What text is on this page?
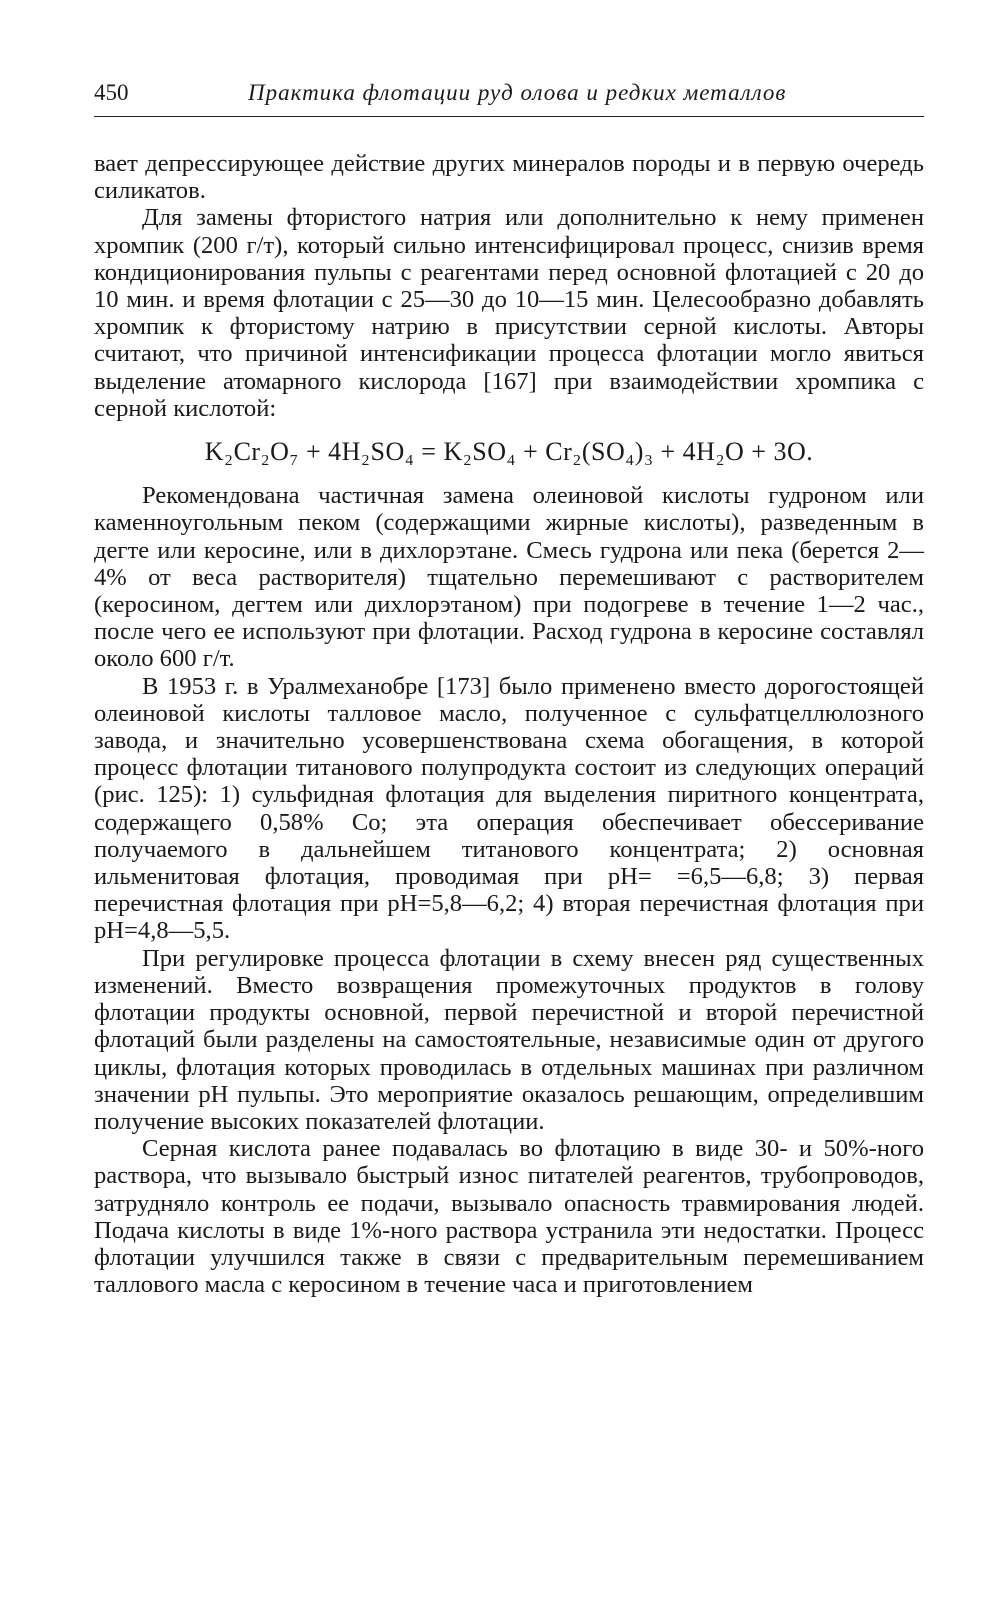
450	Практика флотации руд олова и редких металлов

вает депрессирующее действие других минералов породы и в первую очередь силикатов.

Для замены фтористого натрия или дополнительно к нему применен хромпик (200 г/т), который сильно интенсифицировал процесс, снизив время кондиционирования пульпы с реагентами перед основной флотацией с 20 до 10 мин. и время флотации с 25—30 до 10—15 мин. Целесообразно добавлять хромпик к фтористому натрию в присутствии серной кислоты. Авторы считают, что причиной интенсификации процесса флотации могло явиться выделение атомарного кислорода [167] при взаимодействии хромпика с серной кислотой:

K₂Cr₂O₇ + 4H₂SO₄ = K₂SO₄ + Cr₂(SO₄)₃ + 4H₂O + 3O.

Рекомендована частичная замена олеиновой кислоты гудроном или каменноугольным пеком (содержащими жирные кислоты), разведенным в дегте или керосине, или в дихлорэтане. Смесь гудрона или пека (берется 2—4% от веса растворителя) тщательно перемешивают с растворителем (керосином, дегтем или дихлорэтаном) при подогреве в течение 1—2 час., после чего ее используют при флотации. Расход гудрона в керосине составлял около 600 г/т.

В 1953 г. в Уралмеханобре [173] было применено вместо дорогостоящей олеиновой кислоты талловое масло, полученное с сульфатцеллюлозного завода, и значительно усовершенствована схема обогащения, в которой процесс флотации титанового полупродукта состоит из следующих операций (рис. 125): 1) сульфидная флотация для выделения пиритного концентрата, содержащего 0,58% Co; эта операция обеспечивает обессеривание получаемого в дальнейшем титанового концентрата; 2) основная ильменитовая флотация, проводимая при pH= =6,5—6,8; 3) первая перечистная флотация при pH=5,8—6,2; 4) вторая перечистная флотация при pH=4,8—5,5.

При регулировке процесса флотации в схему внесен ряд существенных изменений. Вместо возвращения промежуточных продуктов в голову флотации продукты основной, первой перечистной и второй перечистной флотаций были разделены на самостоятельные, независимые один от другого циклы, флотация которых проводилась в отдельных машинах при различном значении pH пульпы. Это мероприятие оказалось решающим, определившим получение высоких показателей флотации.

Серная кислота ранее подавалась во флотацию в виде 30- и 50%-ного раствора, что вызывало быстрый износ питателей реагентов, трубопроводов, затрудняло контроль ее подачи, вызывало опасность травмирования людей. Подача кислоты в виде 1%-ного раствора устранила эти недостатки. Процесс флотации улучшился также в связи с предварительным перемешиванием таллового масла с керосином в течение часа и приготовлением
